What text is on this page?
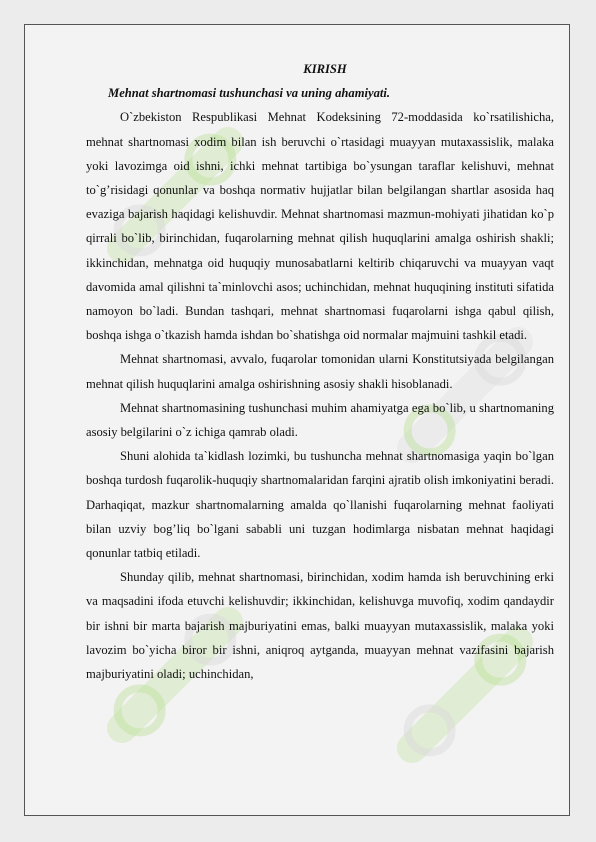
KIRISH

Mehnat shartnomasi tushunchasi va uning ahamiyati.

O`zbekiston Respublikasi Mehnat Kodeksining 72-moddasida ko`rsatilishicha, mehnat shartnomasi xodim bilan ish beruvchi o`rtasidagi muayyan mutaxassislik, malaka yoki lavozimga oid ishni, ichki mehnat tartibiga bo`ysungan taraflar kelishuvi, mehnat to`g’risidagi qonunlar va boshqa normativ hujjatlar bilan belgilangan shartlar asosida haq evaziga bajarish haqidagi kelishuvdir. Mehnat shartnomasi mazmun-mohiyati jihatidan ko`p qirrali bo`lib, birinchidan, fuqarolarning mehnat qilish huquqlarini amalga oshirish shakli; ikkinchidan, mehnatga oid huquqiy munosabatlarni keltirib chiqaruvchi va muayyan vaqt davomida amal qilishni ta`minlovchi asos; uchinchidan, mehnat huquqining instituti sifatida namoyon bo`ladi. Bundan tashqari, mehnat shartnomasi fuqarolarni ishga qabul qilish, boshqa ishga o`tkazish hamda ishdan bo`shatishga oid normalar majmuini tashkil etadi.

Mehnat shartnomasi, avvalo, fuqarolar tomonidan ularni Konstitutsiyada belgilangan mehnat qilish huquqlarini amalga oshirishning asosiy shakli hisoblanadi.

Mehnat shartnomasining tushunchasi muhim ahamiyatga ega bo`lib, u shartnomaning asosiy belgilarini o`z ichiga qamrab oladi.

Shuni alohida ta`kidlash lozimki, bu tushuncha mehnat shartnomasiga yaqin bo`lgan boshqa turdosh fuqarolik-huquqiy shartnomalaridan farqini ajratib olish imkoniyatini beradi. Darhaqiqat, mazkur shartnomalarning amalda qo`llanishi fuqarolarning mehnat faoliyati bilan uzviy bog’liq bo`lgani sababli uni tuzgan hodimlarga nisbatan mehnat haqidagi qonunlar tatbiq etiladi.

Shunday qilib, mehnat shartnomasi, birinchidan, xodim hamda ish beruvchining erki va maqsadini ifoda etuvchi kelishuvdir; ikkinchidan, kelishuvga muvofiq, xodim qandaydir bir ishni bir marta bajarish majburiyatini emas, balki muayyan mutaxassislik, malaka yoki lavozim bo`yicha biror bir ishni, aniqroq aytganda, muayyan mehnat vazifasini bajarish majburiyatini oladi; uchinchidan,
